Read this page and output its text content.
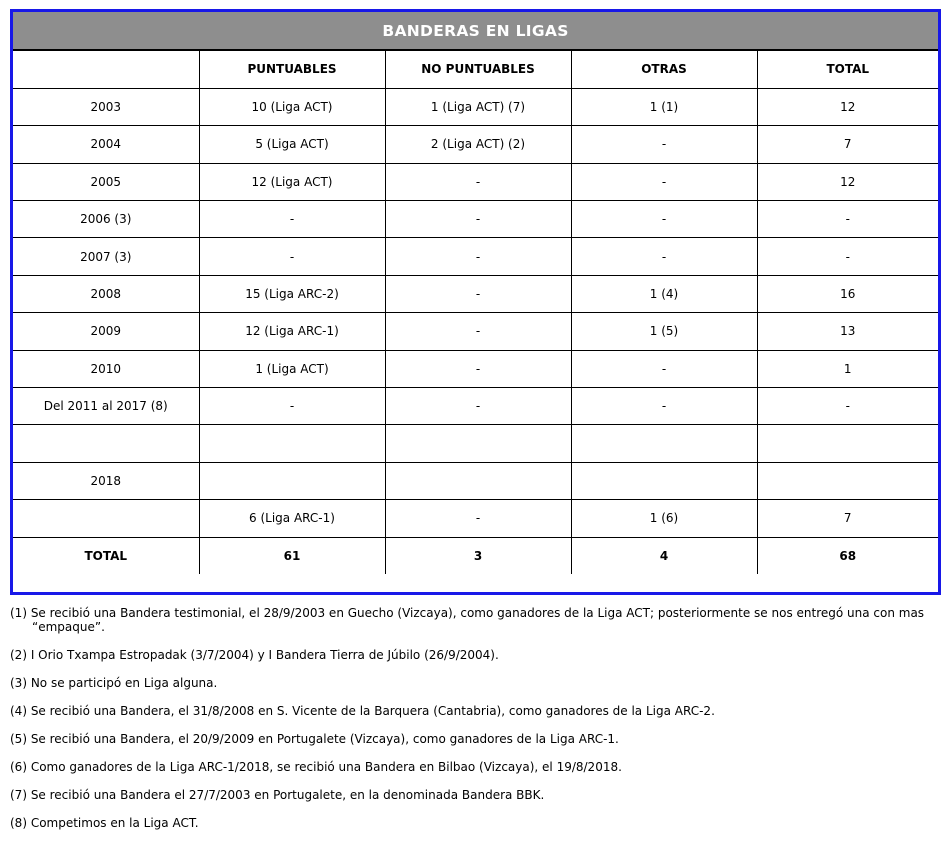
BANDERAS EN LIGAS
	PUNTUABLES	NO PUNTUABLES	OTRAS	TOTAL
2003	10 (Liga ACT)	1 (Liga ACT) (7)	1 (1)	12
2004	5 (Liga ACT)	2 (Liga ACT) (2)	-	7
2005	12 (Liga ACT)	-	-	12
2006 (3)	-	-	-	-
2007 (3)	-	-	-	-
2008	15 (Liga ARC-2)	-	1 (4)	16
2009	12 (Liga ARC-1)	-	1 (5)	13
2010	1 (Liga ACT)	-	-	1
Del 2011 al 2017 (8)	-	-	-	-

2018				
	6 (Liga ARC-1)	-	1 (6)	7
TOTAL	61	3	4	68

(1) Se recibió una Bandera testimonial, el 28/9/2003 en Guecho (Vizcaya), como ganadores de la Liga ACT; posteriormente se nos entregó una con mas “empaque”.

(2) I Orio Txampa Estropadak (3/7/2004) y I Bandera Tierra de Júbilo (26/9/2004).

(3) No se participó en Liga alguna.

(4) Se recibió una Bandera, el 31/8/2008 en S. Vicente de la Barquera (Cantabria), como ganadores de la Liga ARC-2.

(5) Se recibió una Bandera, el 20/9/2009 en Portugalete (Vizcaya), como ganadores de la Liga ARC-1.

(6) Como ganadores de la Liga ARC-1/2018, se recibió una Bandera en Bilbao (Vizcaya), el 19/8/2018.

(7) Se recibió una Bandera el 27/7/2003 en Portugalete, en la denominada Bandera BBK.

(8) Competimos en la Liga ACT.
